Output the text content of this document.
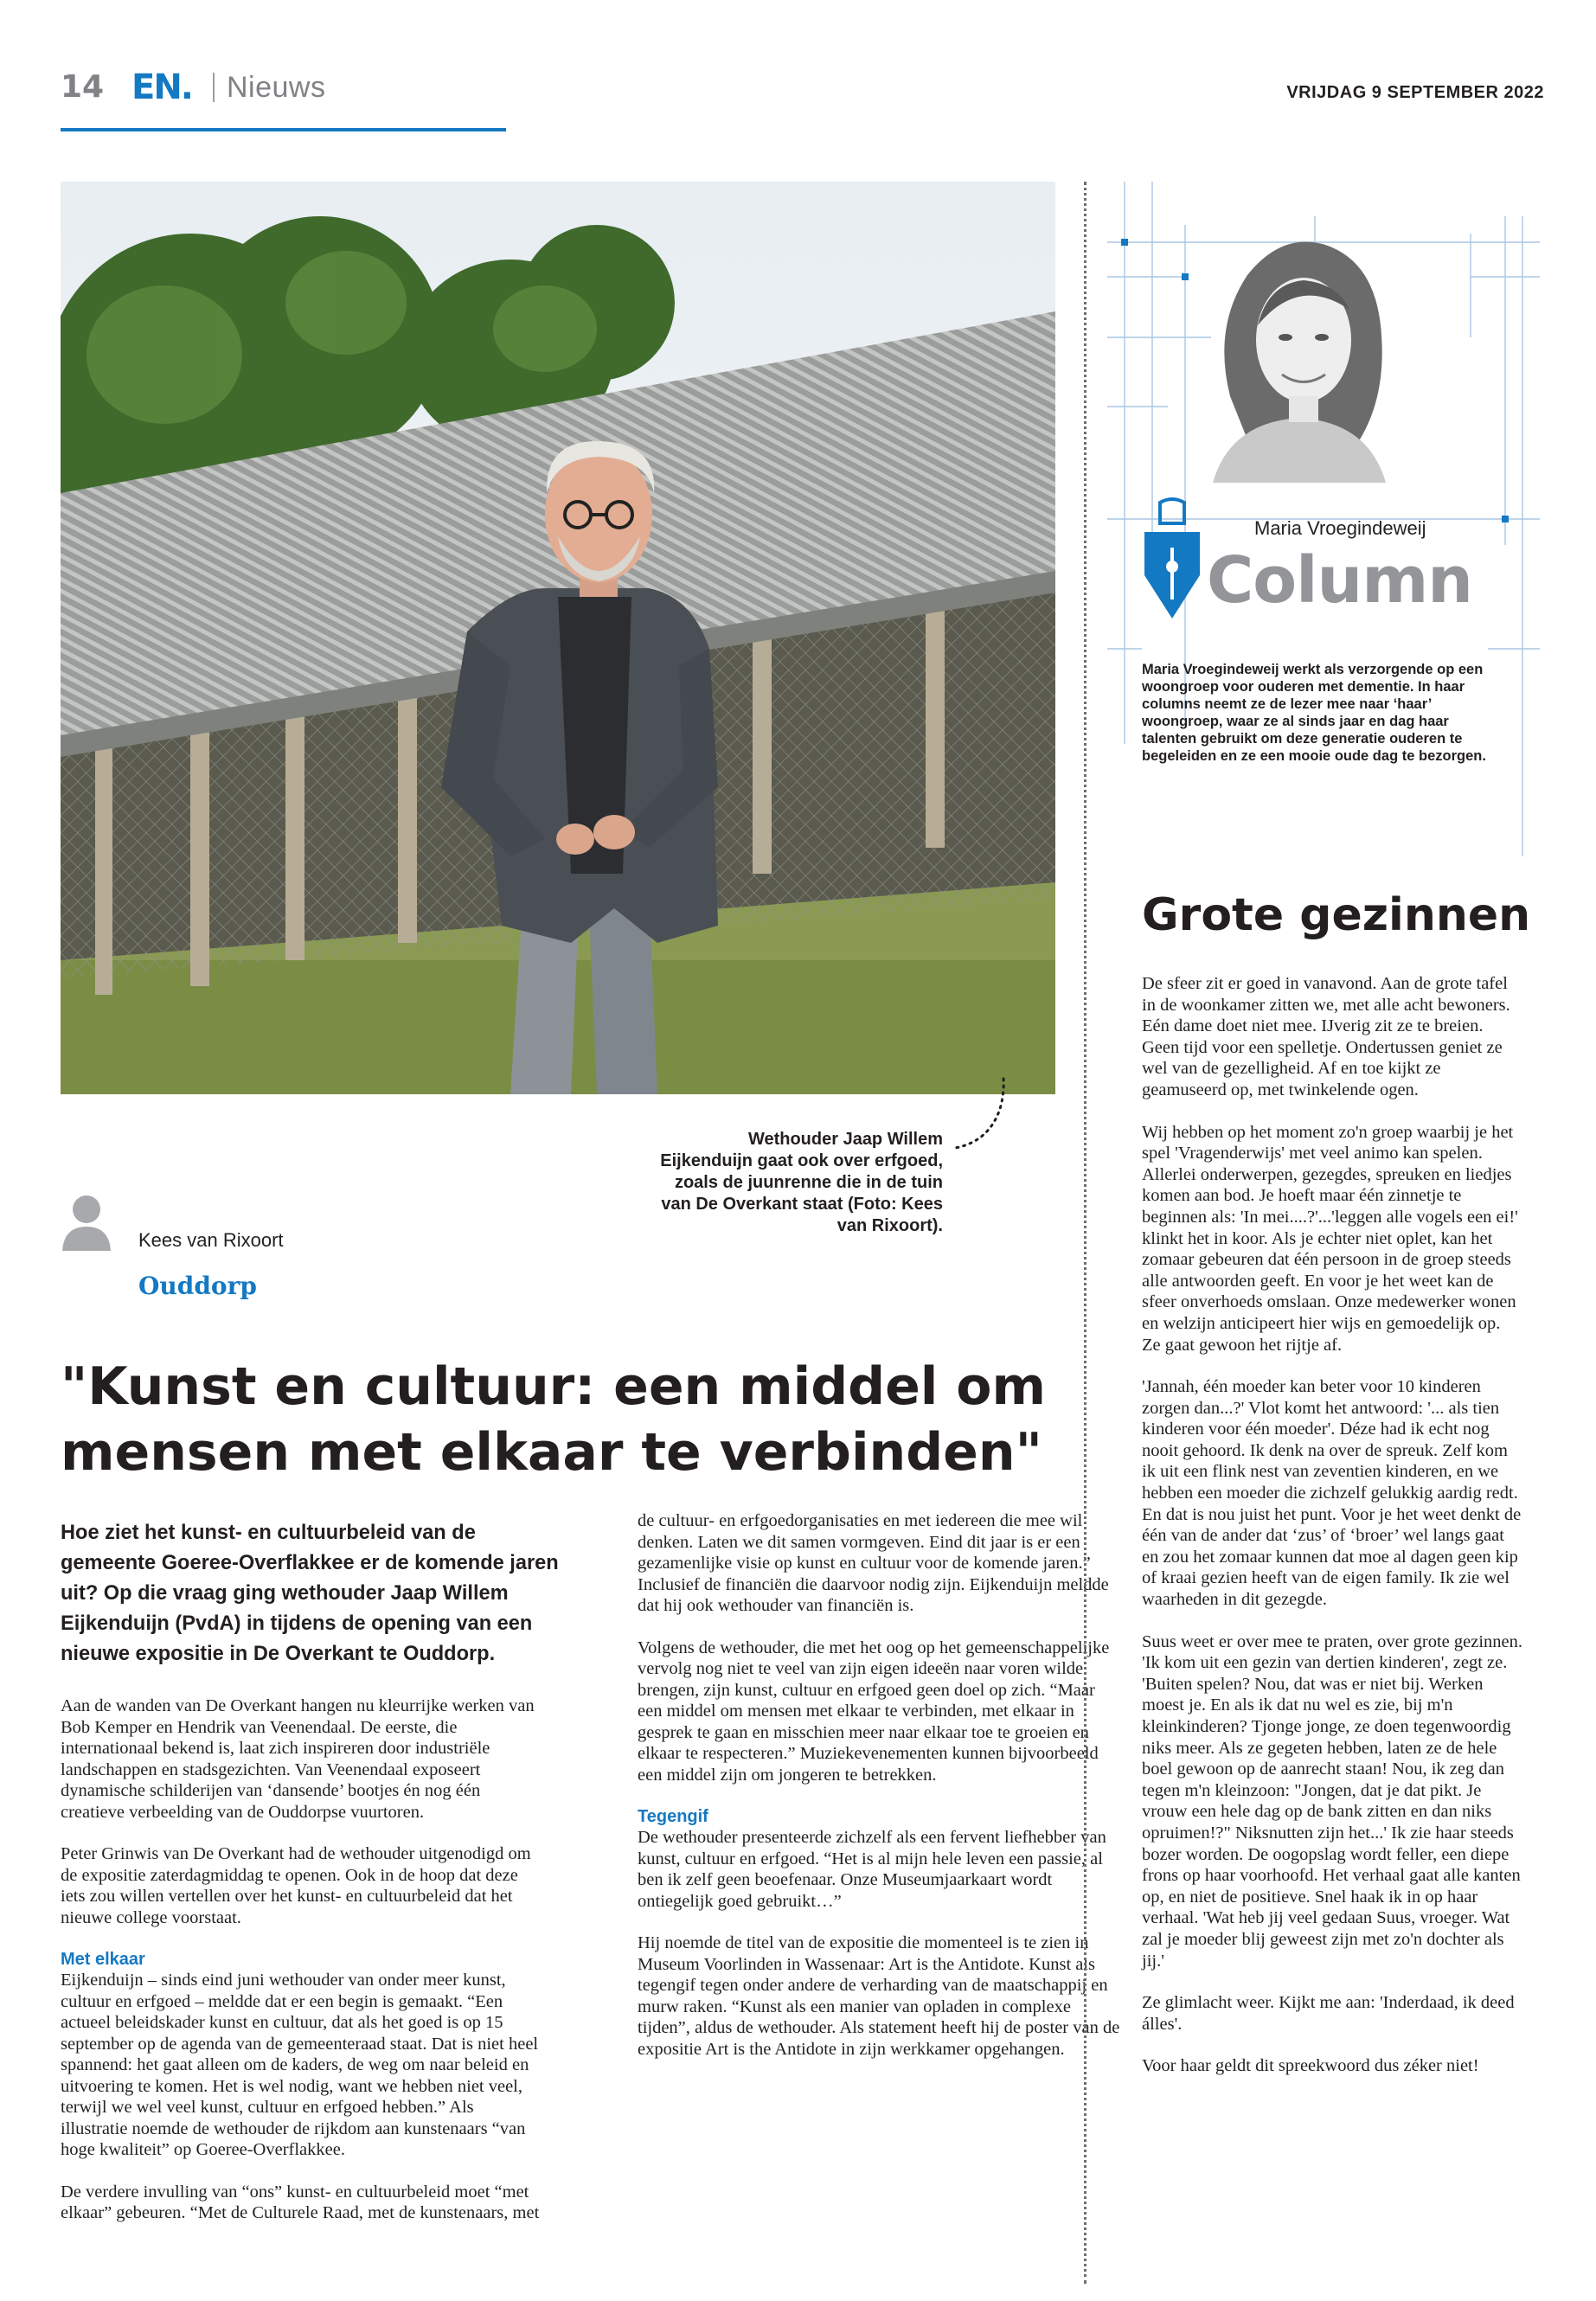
14 EN. Nieuws	VRIJDAG 9 SEPTEMBER 2022
Wethouder Jaap Willem Eijkenduijn gaat ook over erfgoed, zoals de juunrenne die in de tuin van De Overkant staat (Foto: Kees van Rixoort).
Kees van Rixoort
Ouddorp
"Kunst en cultuur: een middel om mensen met elkaar te verbinden"
Hoe ziet het kunst- en cultuurbeleid van de gemeente Goeree-Overflakkee er de komende jaren uit? Op die vraag ging wethouder Jaap Willem Eijkenduijn (PvdA) in tijdens de opening van een nieuwe expositie in De Overkant te Ouddorp.

Aan de wanden van De Overkant hangen nu kleurrijke werken van Bob Kemper en Hendrik van Veenendaal. De eerste, die internationaal bekend is, laat zich inspireren door industriële landschappen en stadsgezichten. Van Veenendaal exposeert dynamische schilderijen van ‘dansende’ bootjes én nog één creatieve verbeelding van de Ouddorpse vuurtoren.

Peter Grinwis van De Overkant had de wethouder uitgenodigd om de expositie zaterdagmiddag te openen. Ook in de hoop dat deze iets zou willen vertellen over het kunst- en cultuurbeleid dat het nieuwe college voorstaat.

Met elkaar

Eijkenduijn – sinds eind juni wethouder van onder meer kunst, cultuur en erfgoed – meldde dat er een begin is gemaakt. “Een actueel beleidskader kunst en cultuur, dat als het goed is op 15 september op de agenda van de gemeenteraad staat. Dat is niet heel spannend: het gaat alleen om de kaders, de weg om naar beleid en uitvoering te komen. Het is wel nodig, want we hebben niet veel, terwijl we wel veel kunst, cultuur en erfgoed hebben.” Als illustratie noemde de wethouder de rijkdom aan kunstenaars “van hoge kwaliteit” op Goeree-Overflakkee.

De verdere invulling van “ons” kunst- en cultuurbeleid moet “met elkaar” gebeuren. “Met de Culturele Raad, met de kunstenaars, met

de cultuur- en erfgoedorganisaties en met iedereen die mee wil denken. Laten we dit samen vormgeven. Eind dit jaar is er een gezamenlijke visie op kunst en cultuur voor de komende jaren.” Inclusief de financiën die daarvoor nodig zijn. Eijkenduijn meldde dat hij ook wethouder van financiën is.

Volgens de wethouder, die met het oog op het gemeenschappelijke vervolg nog niet te veel van zijn eigen ideeën naar voren wilde brengen, zijn kunst, cultuur en erfgoed geen doel op zich. “Maar een middel om mensen met elkaar te verbinden, met elkaar in gesprek te gaan en misschien meer naar elkaar toe te groeien en elkaar te respecteren.” Muziekevenementen kunnen bijvoorbeeld een middel zijn om jongeren te betrekken.

Tegengif

De wethouder presenteerde zichzelf als een fervent liefhebber van kunst, cultuur en erfgoed. “Het is al mijn hele leven een passie, al ben ik zelf geen beoefenaar. Onze Museumjaarkaart wordt ontiegelijk goed gebruikt…”

Hij noemde de titel van de expositie die momenteel is te zien in Museum Voorlinden in Wassenaar: Art is the Antidote. Kunst als tegengif tegen onder andere de verharding van de maatschappij en murw raken. “Kunst als een manier van opladen in complexe tijden”, aldus de wethouder. Als statement heeft hij de poster van de expositie Art is the Antidote in zijn werkkamer opgehangen.

Maria Vroegindeweij
Column
Maria Vroegindeweij werkt als verzorgende op een woongroep voor ouderen met dementie. In haar columns neemt ze de lezer mee naar ‘haar’ woongroep, waar ze al sinds jaar en dag haar talenten gebruikt om deze generatie ouderen te begeleiden en ze een mooie oude dag te bezorgen.
Grote gezinnen

De sfeer zit er goed in vanavond. Aan de grote tafel in de woonkamer zitten we, met alle acht bewoners. Eén dame doet niet mee. IJverig zit ze te breien. Geen tijd voor een spelletje. Ondertussen geniet ze wel van de gezelligheid. Af en toe kijkt ze geamuseerd op, met twinkelende ogen.

Wij hebben op het moment zo'n groep waarbij je het spel 'Vragenderwijs' met veel animo kan spelen. Allerlei onderwerpen, gezegdes, spreuken en liedjes komen aan bod. Je hoeft maar één zinnetje te beginnen als: 'In mei....?'...'leggen alle vogels een ei!' klinkt het in koor. Als je echter niet oplet, kan het zomaar gebeuren dat één persoon in de groep steeds alle antwoorden geeft. En voor je het weet kan de sfeer onverhoeds omslaan. Onze medewerker wonen en welzijn anticipeert hier wijs en gemoedelijk op. Ze gaat gewoon het rijtje af.

'Jannah, één moeder kan beter voor 10 kinderen zorgen dan...?' Vlot komt het antwoord: '... als tien kinderen voor één moeder'. Déze had ik echt nog nooit gehoord. Ik denk na over de spreuk. Zelf kom ik uit een flink nest van zeventien kinderen, en we hebben een moeder die zichzelf gelukkig aardig redt. En dat is nou juist het punt. Voor je het weet denkt de één van de ander dat ‘zus’ of ‘broer’ wel langs gaat en zou het zomaar kunnen dat moe al dagen geen kip of kraai gezien heeft van de eigen family. Ik zie wel waarheden in dit gezegde.

Suus weet er over mee te praten, over grote gezinnen. 'Ik kom uit een gezin van dertien kinderen', zegt ze. 'Buiten spelen? Nou, dat was er niet bij. Werken moest je. En als ik dat nu wel es zie, bij m'n kleinkinderen? Tjonge jonge, ze doen tegenwoordig niks meer. Als ze gegeten hebben, laten ze de hele boel gewoon op de aanrecht staan! Nou, ik zeg dan tegen m'n kleinzoon: "Jongen, dat je dat pikt. Je vrouw een hele dag op de bank zitten en dan niks opruimen!?" Niksnutten zijn het...' Ik zie haar steeds bozer worden. De oogopslag wordt feller, een diepe frons op haar voorhoofd. Het verhaal gaat alle kanten op, en niet de positieve. Snel haak ik in op haar verhaal. 'Wat heb jij veel gedaan Suus, vroeger. Wat zal je moeder blij geweest zijn met zo'n dochter als jij.'

Ze glimlacht weer. Kijkt me aan: 'Inderdaad, ik deed álles'.

Voor haar geldt dit spreekwoord dus zéker niet!
